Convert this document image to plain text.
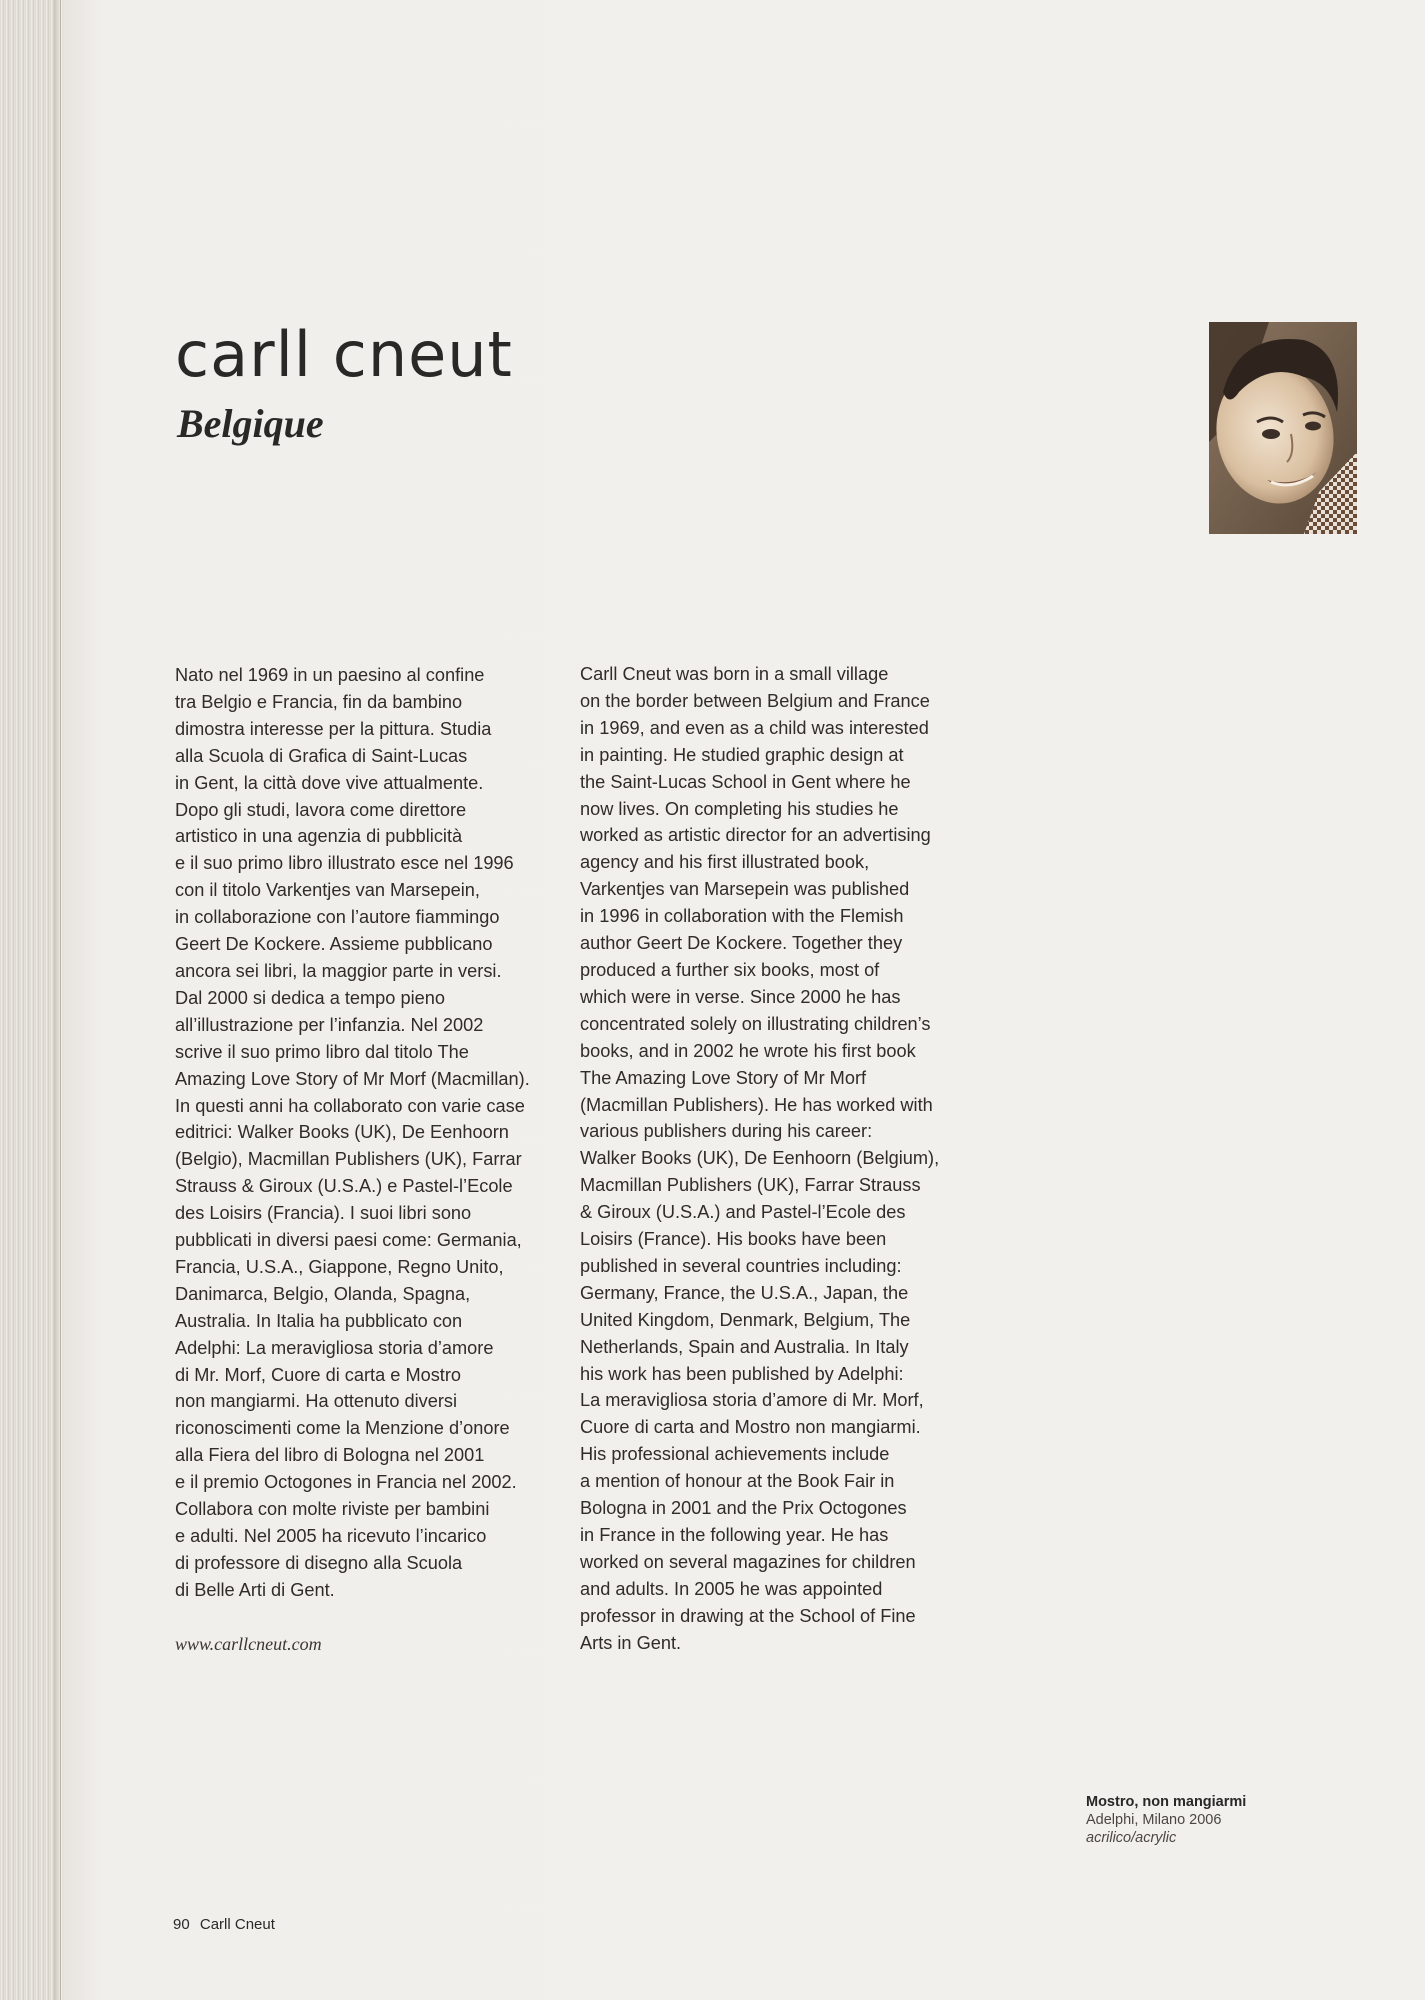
carll cneut
Belgique

Nato nel 1969 in un paesino al confine
tra Belgio e Francia, fin da bambino
dimostra interesse per la pittura. Studia
alla Scuola di Grafica di Saint-Lucas
in Gent, la città dove vive attualmente.
Dopo gli studi, lavora come direttore
artistico in una agenzia di pubblicità
e il suo primo libro illustrato esce nel 1996
con il titolo Varkentjes van Marsepein,
in collaborazione con l’autore fiammingo
Geert De Kockere. Assieme pubblicano
ancora sei libri, la maggior parte in versi.
Dal 2000 si dedica a tempo pieno
all’illustrazione per l’infanzia. Nel 2002
scrive il suo primo libro dal titolo The
Amazing Love Story of Mr Morf (Macmillan).
In questi anni ha collaborato con varie case
editrici: Walker Books (UK), De Eenhoorn
(Belgio), Macmillan Publishers (UK), Farrar
Strauss & Giroux (U.S.A.) e Pastel-l’Ecole
des Loisirs (Francia). I suoi libri sono
pubblicati in diversi paesi come: Germania,
Francia, U.S.A., Giappone, Regno Unito,
Danimarca, Belgio, Olanda, Spagna,
Australia. In Italia ha pubblicato con
Adelphi: La meravigliosa storia d’amore
di Mr. Morf, Cuore di carta e Mostro
non mangiarmi. Ha ottenuto diversi
riconoscimenti come la Menzione d’onore
alla Fiera del libro di Bologna nel 2001
e il premio Octogones in Francia nel 2002.
Collabora con molte riviste per bambini
e adulti. Nel 2005 ha ricevuto l’incarico
di professore di disegno alla Scuola
di Belle Arti di Gent.

Carll Cneut was born in a small village
on the border between Belgium and France
in 1969, and even as a child was interested
in painting. He studied graphic design at
the Saint-Lucas School in Gent where he
now lives. On completing his studies he
worked as artistic director for an advertising
agency and his first illustrated book,
Varkentjes van Marsepein was published
in 1996 in collaboration with the Flemish
author Geert De Kockere. Together they
produced a further six books, most of
which were in verse. Since 2000 he has
concentrated solely on illustrating children’s
books, and in 2002 he wrote his first book
The Amazing Love Story of Mr Morf
(Macmillan Publishers). He has worked with
various publishers during his career:
Walker Books (UK), De Eenhoorn (Belgium),
Macmillan Publishers (UK), Farrar Strauss
& Giroux (U.S.A.) and Pastel-l’Ecole des
Loisirs (France). His books have been
published in several countries including:
Germany, France, the U.S.A., Japan, the
United Kingdom, Denmark, Belgium, The
Netherlands, Spain and Australia. In Italy
his work has been published by Adelphi:
La meravigliosa storia d’amore di Mr. Morf,
Cuore di carta and Mostro non mangiarmi.
His professional achievements include
a mention of honour at the Book Fair in
Bologna in 2001 and the Prix Octogones
in France in the following year. He has
worked on several magazines for children
and adults. In 2005 he was appointed
professor in drawing at the School of Fine
Arts in Gent.

www.carllcneut.com

Mostro, non mangiarmi
Adelphi, Milano 2006
acrilico/acrylic
90 Carll Cneut
